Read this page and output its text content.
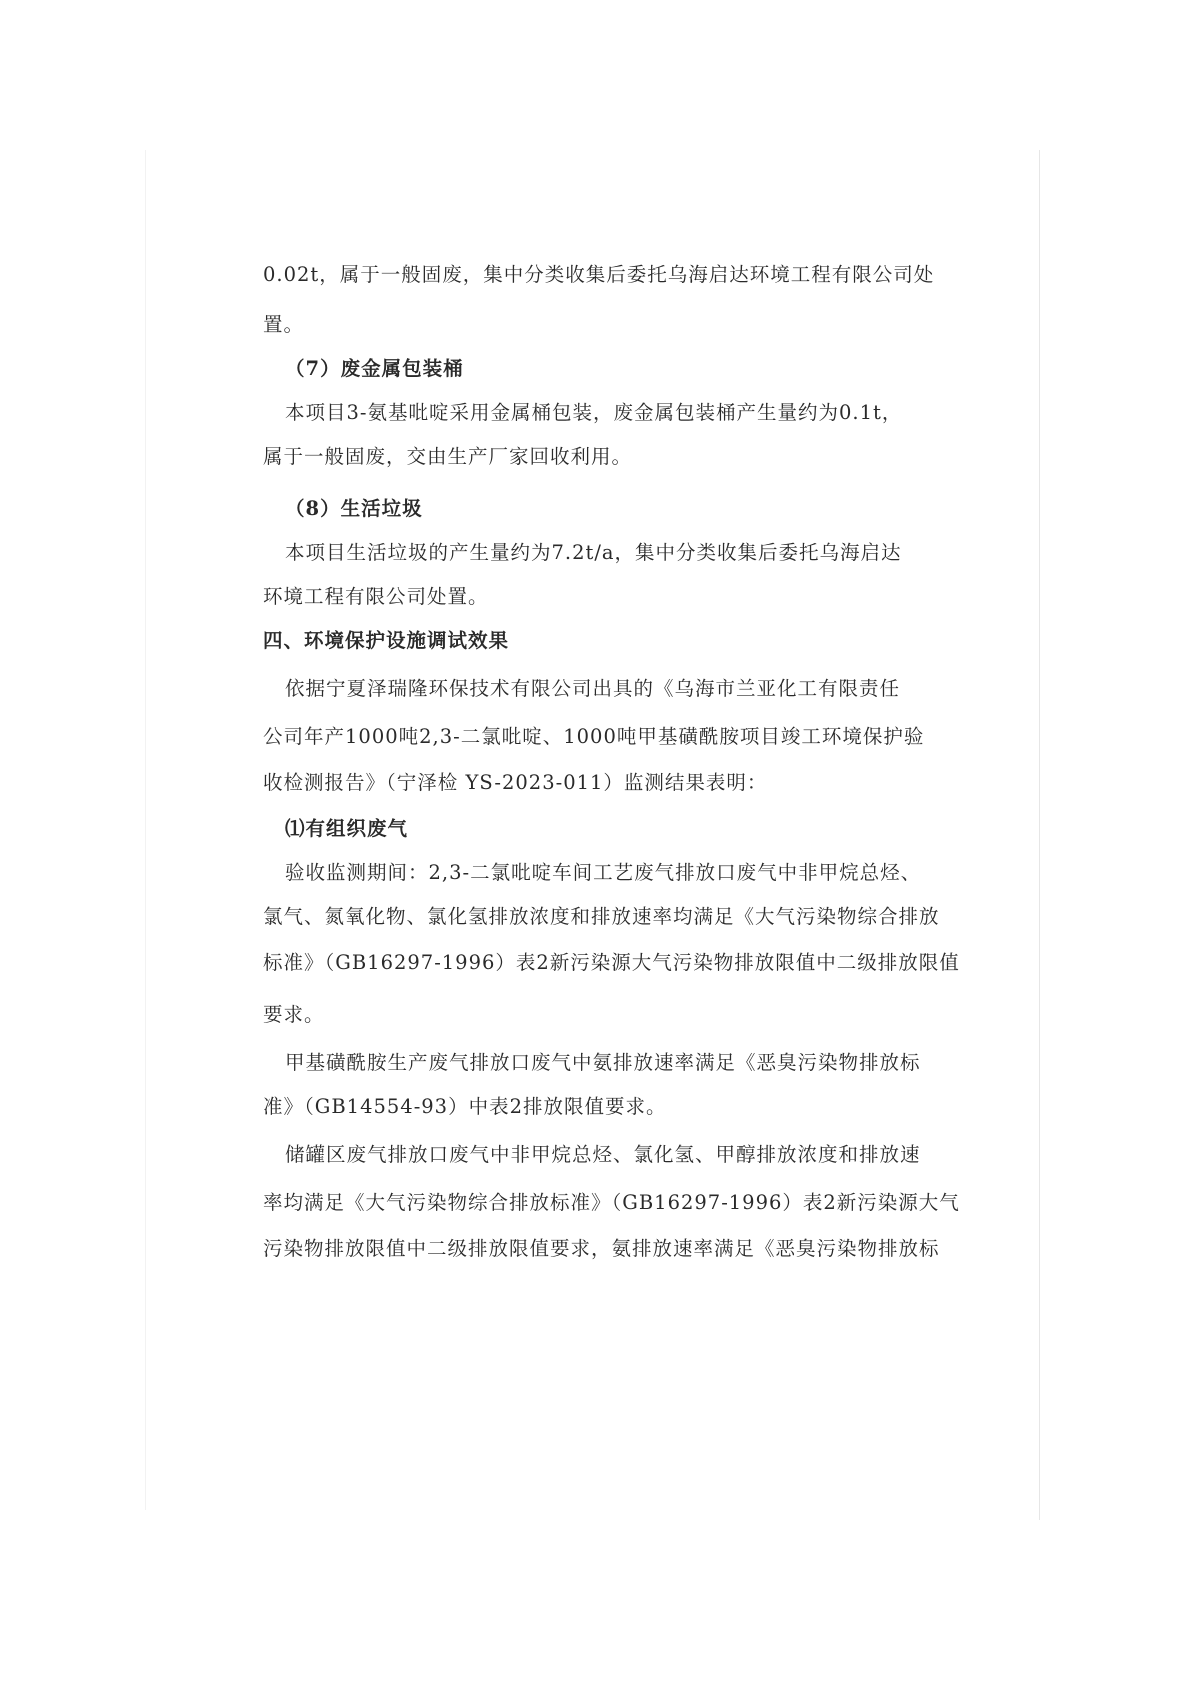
0.02t，属于一般固废，集中分类收集后委托乌海启达环境工程有限公司处
置。
（7）废金属包装桶
本项目3-氨基吡啶采用金属桶包装，废金属包装桶产生量约为0.1t，
属于一般固废，交由生产厂家回收利用。
（8）生活垃圾
本项目生活垃圾的产生量约为7.2t/a，集中分类收集后委托乌海启达
环境工程有限公司处置。
四、环境保护设施调试效果
依据宁夏泽瑞隆环保技术有限公司出具的《乌海市兰亚化工有限责任
公司年产1000吨2,3-二氯吡啶、1000吨甲基磺酰胺项目竣工环境保护验
收检测报告》（宁泽检 YS-2023-011）监测结果表明：
⑴有组织废气
验收监测期间：2,3-二氯吡啶车间工艺废气排放口废气中非甲烷总烃、
氯气、氮氧化物、氯化氢排放浓度和排放速率均满足《大气污染物综合排放
标准》（GB16297-1996）表2新污染源大气污染物排放限值中二级排放限值
要求。
甲基磺酰胺生产废气排放口废气中氨排放速率满足《恶臭污染物排放标
准》（GB14554-93）中表2排放限值要求。
储罐区废气排放口废气中非甲烷总烃、氯化氢、甲醇排放浓度和排放速
率均满足《大气污染物综合排放标准》（GB16297-1996）表2新污染源大气
污染物排放限值中二级排放限值要求，氨排放速率满足《恶臭污染物排放标
